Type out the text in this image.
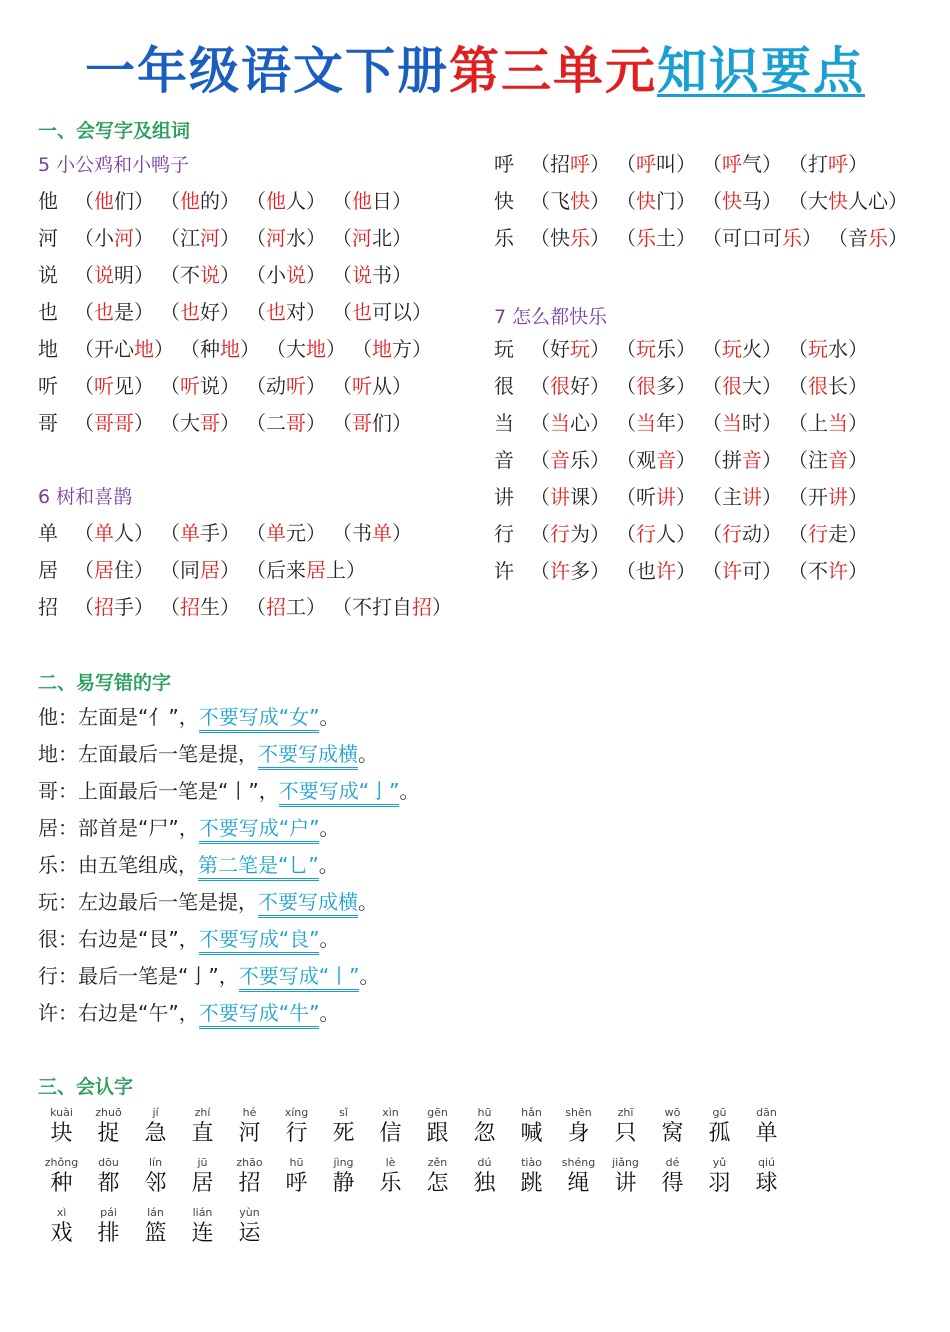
一年级语文下册第三单元知识要点
一、会写字及组词
5 小公鸡和小鸭子
他 （他们） （他的） （他人） （他日）
河 （小河） （江河） （河水） （河北）
说 （说明） （不说） （小说） （说书）
也 （也是） （也好） （也对） （也可以）
地 （开心地） （种地） （大地） （地方）
听 （听见） （听说） （动听） （听从）
哥 （哥哥） （大哥） （二哥） （哥们）
6 树和喜鹊
单 （单人） （单手） （单元） （书单）
居 （居住） （同居） （后来居上）
招 （招手） （招生） （招工） （不打自招）
呼 （招呼） （呼叫） （呼气） （打呼）
快 （飞快） （快门） （快马） （大快人心）
乐 （快乐） （乐土） （可口可乐） （音乐）
7 怎么都快乐
玩 （好玩） （玩乐） （玩火） （玩水）
很 （很好） （很多） （很大） （很长）
当 （当心） （当年） （当时） （上当）
音 （音乐） （观音） （拼音） （注音）
讲 （讲课） （听讲） （主讲） （开讲）
行 （行为） （行人） （行动） （行走）
许 （许多） （也许） （许可） （不许）
二、易写错的字
他：左面是“亻”，不要写成“女”。
地：左面最后一笔是提，不要写成横。
哥：上面最后一笔是“丨”，不要写成“亅”。
居：部首是“尸”，不要写成“户”。
乐：由五笔组成，第二笔是“乚”。
玩：左边最后一笔是提，不要写成横。
很：右边是“艮”，不要写成“良”。
行：最后一笔是“亅”，不要写成“丨”。
许：右边是“午”，不要写成“牛”。
三、会认字
kuài
块
zhuō
捉
jí
急
zhí
直
hé
河
xíng
行
sǐ
死
xìn
信
gēn
跟
hū
忽
hǎn
喊
shēn
身
zhī
只
wō
窝
gū
孤
dān
单
zhǒng
种
dōu
都
lín
邻
jū
居
zhāo
招
hū
呼
jìng
静
lè
乐
zěn
怎
dú
独
tiào
跳
shéng
绳
jiǎng
讲
dé
得
yǔ
羽
qiú
球
xì
戏
pái
排
lán
篮
lián
连
yùn
运
